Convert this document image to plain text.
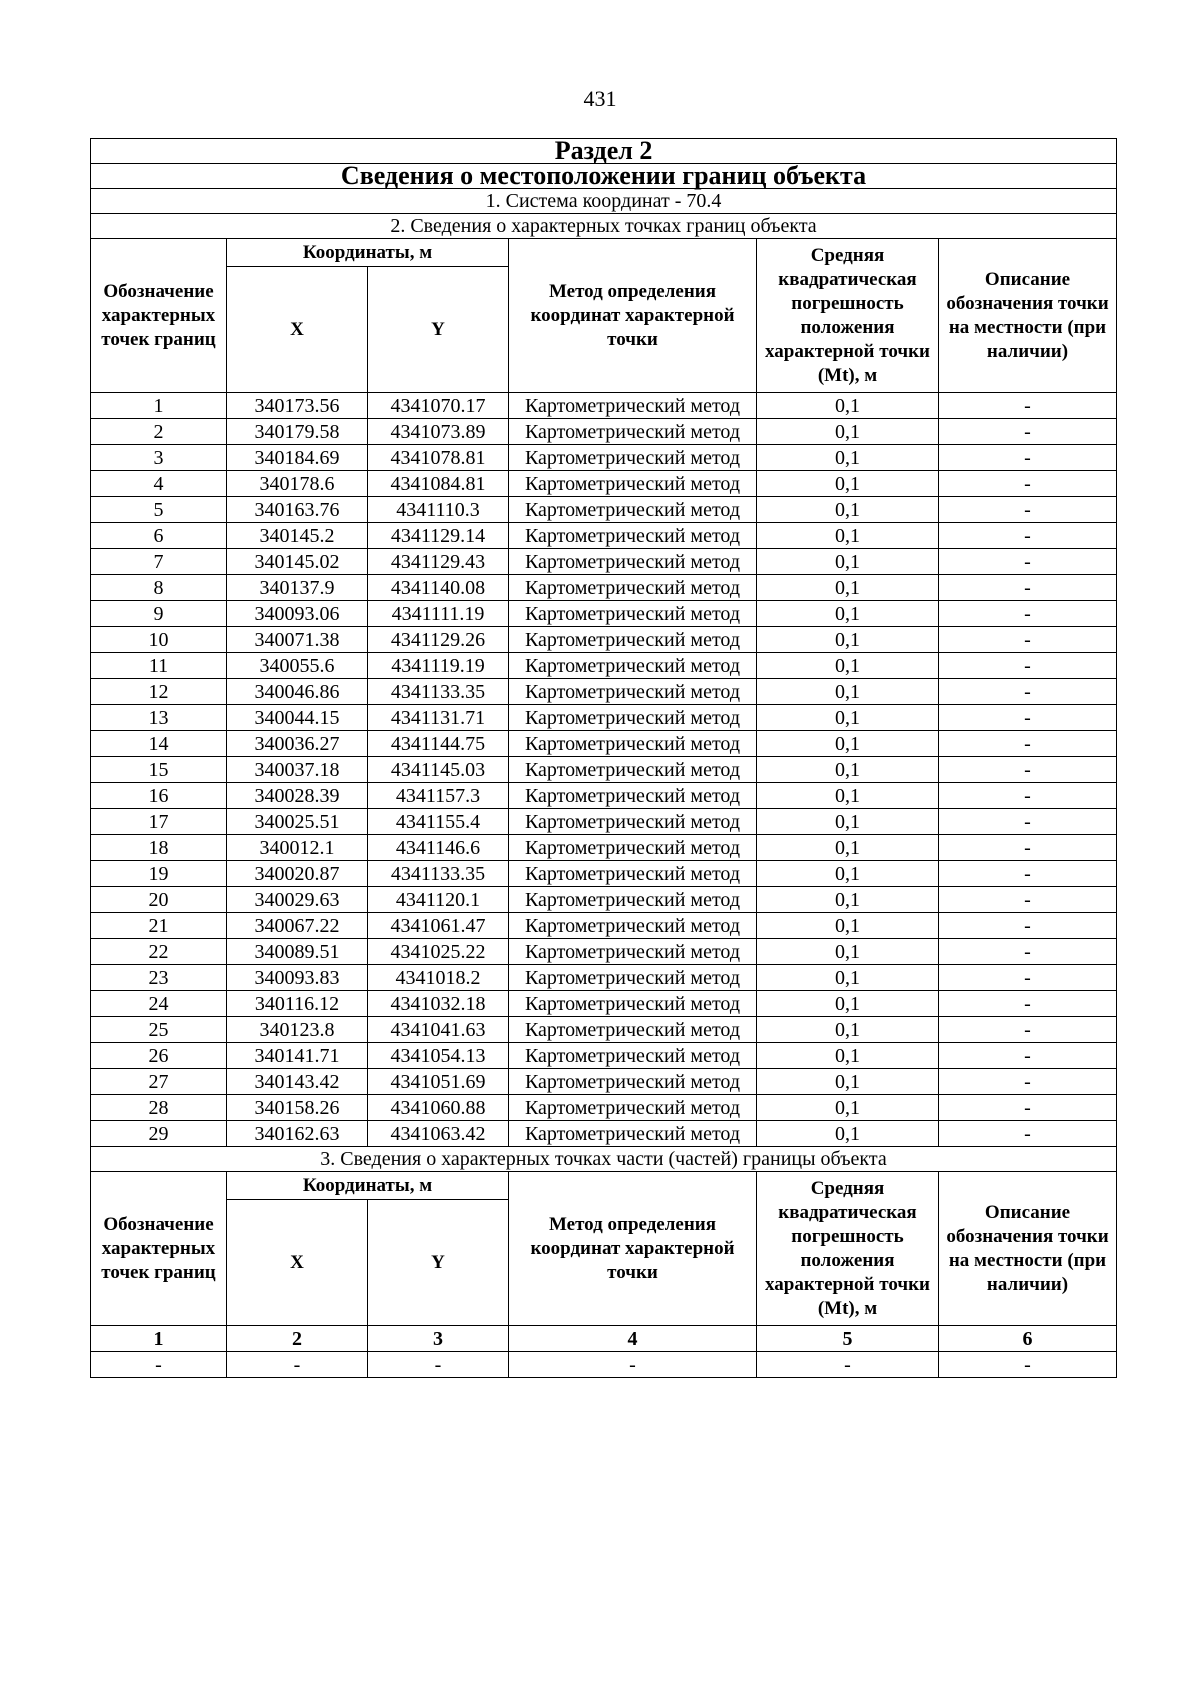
431
Раздел 2					
Сведения о местоположении границ объекта					
1. Система координат - 70.4					
2. Сведения о характерных точках границ объекта					
Обозначение характерных точек границ	Координаты, м		Метод определения координат характерной точки	Средняя квадратическая погрешность положения характерной точки (Mt), м	Описание обозначения точки на местности (при наличии)
	X	Y			
1	340173.56	4341070.17	Картометрический метод	0,1	-
2	340179.58	4341073.89	Картометрический метод	0,1	-
3	340184.69	4341078.81	Картометрический метод	0,1	-
4	340178.6	4341084.81	Картометрический метод	0,1	-
5	340163.76	4341110.3	Картометрический метод	0,1	-
6	340145.2	4341129.14	Картометрический метод	0,1	-
7	340145.02	4341129.43	Картометрический метод	0,1	-
8	340137.9	4341140.08	Картометрический метод	0,1	-
9	340093.06	4341111.19	Картометрический метод	0,1	-
10	340071.38	4341129.26	Картометрический метод	0,1	-
11	340055.6	4341119.19	Картометрический метод	0,1	-
12	340046.86	4341133.35	Картометрический метод	0,1	-
13	340044.15	4341131.71	Картометрический метод	0,1	-
14	340036.27	4341144.75	Картометрический метод	0,1	-
15	340037.18	4341145.03	Картометрический метод	0,1	-
16	340028.39	4341157.3	Картометрический метод	0,1	-
17	340025.51	4341155.4	Картометрический метод	0,1	-
18	340012.1	4341146.6	Картометрический метод	0,1	-
19	340020.87	4341133.35	Картометрический метод	0,1	-
20	340029.63	4341120.1	Картометрический метод	0,1	-
21	340067.22	4341061.47	Картометрический метод	0,1	-
22	340089.51	4341025.22	Картометрический метод	0,1	-
23	340093.83	4341018.2	Картометрический метод	0,1	-
24	340116.12	4341032.18	Картометрический метод	0,1	-
25	340123.8	4341041.63	Картометрический метод	0,1	-
26	340141.71	4341054.13	Картометрический метод	0,1	-
27	340143.42	4341051.69	Картометрический метод	0,1	-
28	340158.26	4341060.88	Картометрический метод	0,1	-
29	340162.63	4341063.42	Картометрический метод	0,1	-
3. Сведения о характерных точках части (частей) границы объекта					
Обозначение характерных точек границ	Координаты, м		Метод определения координат характерной точки	Средняя квадратическая погрешность положения характерной точки (Mt), м	Описание обозначения точки на местности (при наличии)
	X	Y			
1	2	3	4	5	6
-	-	-	-	-	-
